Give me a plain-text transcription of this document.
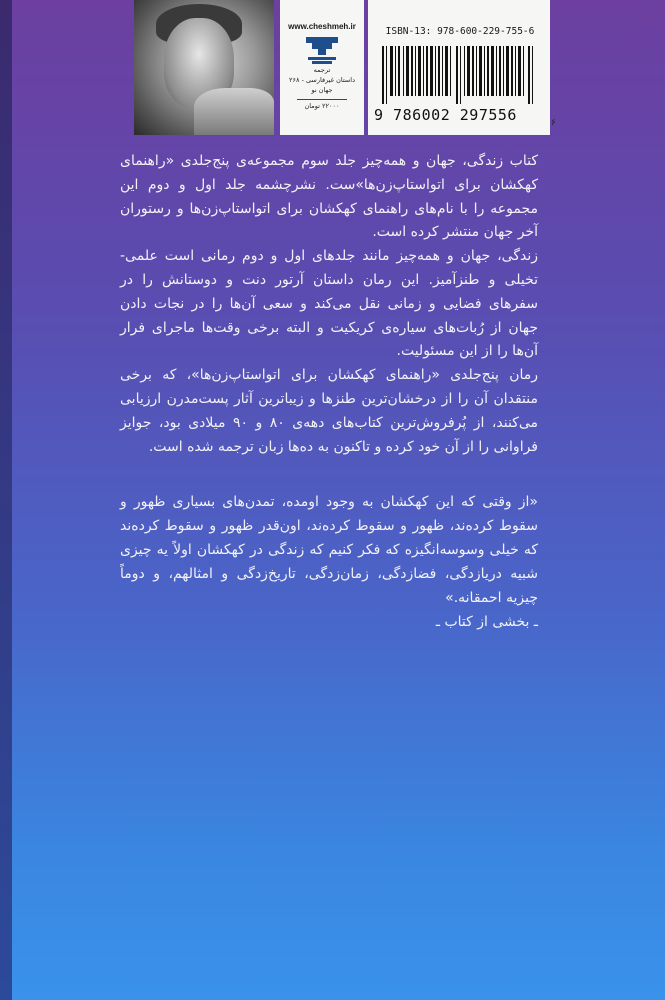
www.cheshmeh.ir
ترجمه
داستان غیرفارسی - ۲۶۸
جهان نو
۲۲۰۰۰ تومان
ISBN-13: 978-600-229-755-6
9 786002 297556	۶

کتاب زندگی، جهان و همه‌چیز جلد سوم مجموعه‌ی پنج‌جلدی «راهنمای کهکشان برای اتواستاپ‌زن‌ها»ست. نشرچشمه جلد اول و دوم این مجموعه را با نام‌های راهنمای کهکشان برای اتواستاپ‌زن‌ها و رستوران آخر جهان منتشر کرده است.

زندگی، جهان و همه‌چیز مانند جلدهای اول و دوم رمانی است علمی-تخیلی و طنزآمیز. این رمان داستان آرتور دنت و دوستانش را در سفرهای فضایی و زمانی نقل می‌کند و سعی آن‌ها را در نجات دادن جهان از رُبات‌های سیاره‌ی کریکیت و البته برخی وقت‌ها ماجرای فرار آن‌ها را از این مسئولیت.

رمان پنج‌جلدی «راهنمای کهکشان برای اتواستاپ‌زن‌ها»، که برخی منتقدان آن را از درخشان‌ترین طنزها و زیباترین آثار پست‌مدرن ارزیابی می‌کنند، از پُرفروش‌ترین کتاب‌های دهه‌ی ۸۰ و ۹۰ میلادی بود، جوایز فراوانی را از آن خود کرده و تاکنون به ده‌ها زبان ترجمه شده است.

«از وقتی که این کهکشان به وجود اومده، تمدن‌های بسیاری ظهور و سقوط کرده‌ند، ظهور و سقوط کرده‌ند، اون‌قدر ظهور و سقوط کرده‌ند که خیلی وسوسه‌انگیزه که فکر کنیم که زندگی در کهکشان اولاً یه چیزی شبیه دریازدگی، فضازدگی، زمان‌زدگی، تاریخ‌زدگی و امثالهم، و دوماً چیزیه احمقانه.»
ـ بخشی از کتاب ـ
